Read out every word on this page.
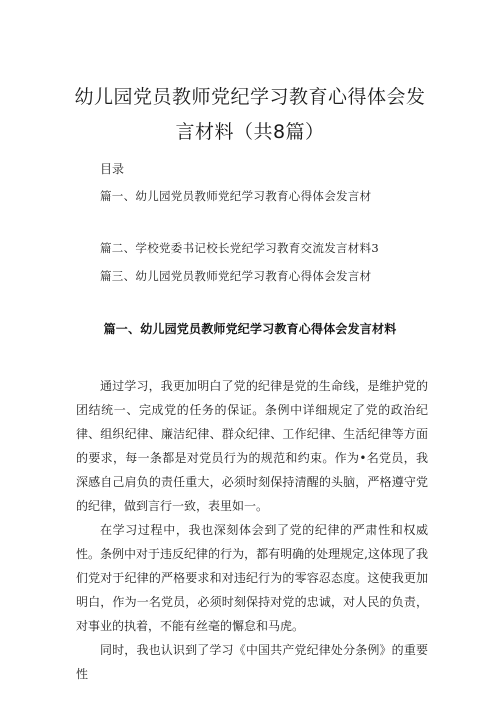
幼儿园党员教师党纪学习教育心得体会发
言材料（共8篇）
目录
篇一、幼儿园党员教师党纪学习教育心得体会发言材
篇二、学校党委书记校长党纪学习教育交流发言材料3
篇三、幼儿园党员教师党纪学习教育心得体会发言材
篇一、幼儿园党员教师党纪学习教育心得体会发言材料

通过学习，我更加明白了党的纪律是党的生命线，是维护党的团结统一、完成党的任务的保证。条例中详细规定了党的政治纪律、组织纪律、廉洁纪律、群众纪律、工作纪律、生活纪律等方面的要求，每一条都是对党员行为的规范和约束。作为•名党员，我深感自己肩负的责任重大，必须时刻保持清醒的头脑，严格遵守党的纪律，做到言行一致，表里如一。

在学习过程中，我也深刻体会到了党的纪律的严肃性和权威性。条例中对于违反纪律的行为，都有明确的处理规定,这体现了我们党对于纪律的严格要求和对违纪行为的零容忍态度。这使我更加明白，作为一名党员，必须时刻保持对党的忠诚，对人民的负责，对事业的执着，不能有丝毫的懈怠和马虎。

同时，我也认识到了学习《中国共产党纪律处分条例》的重要性
